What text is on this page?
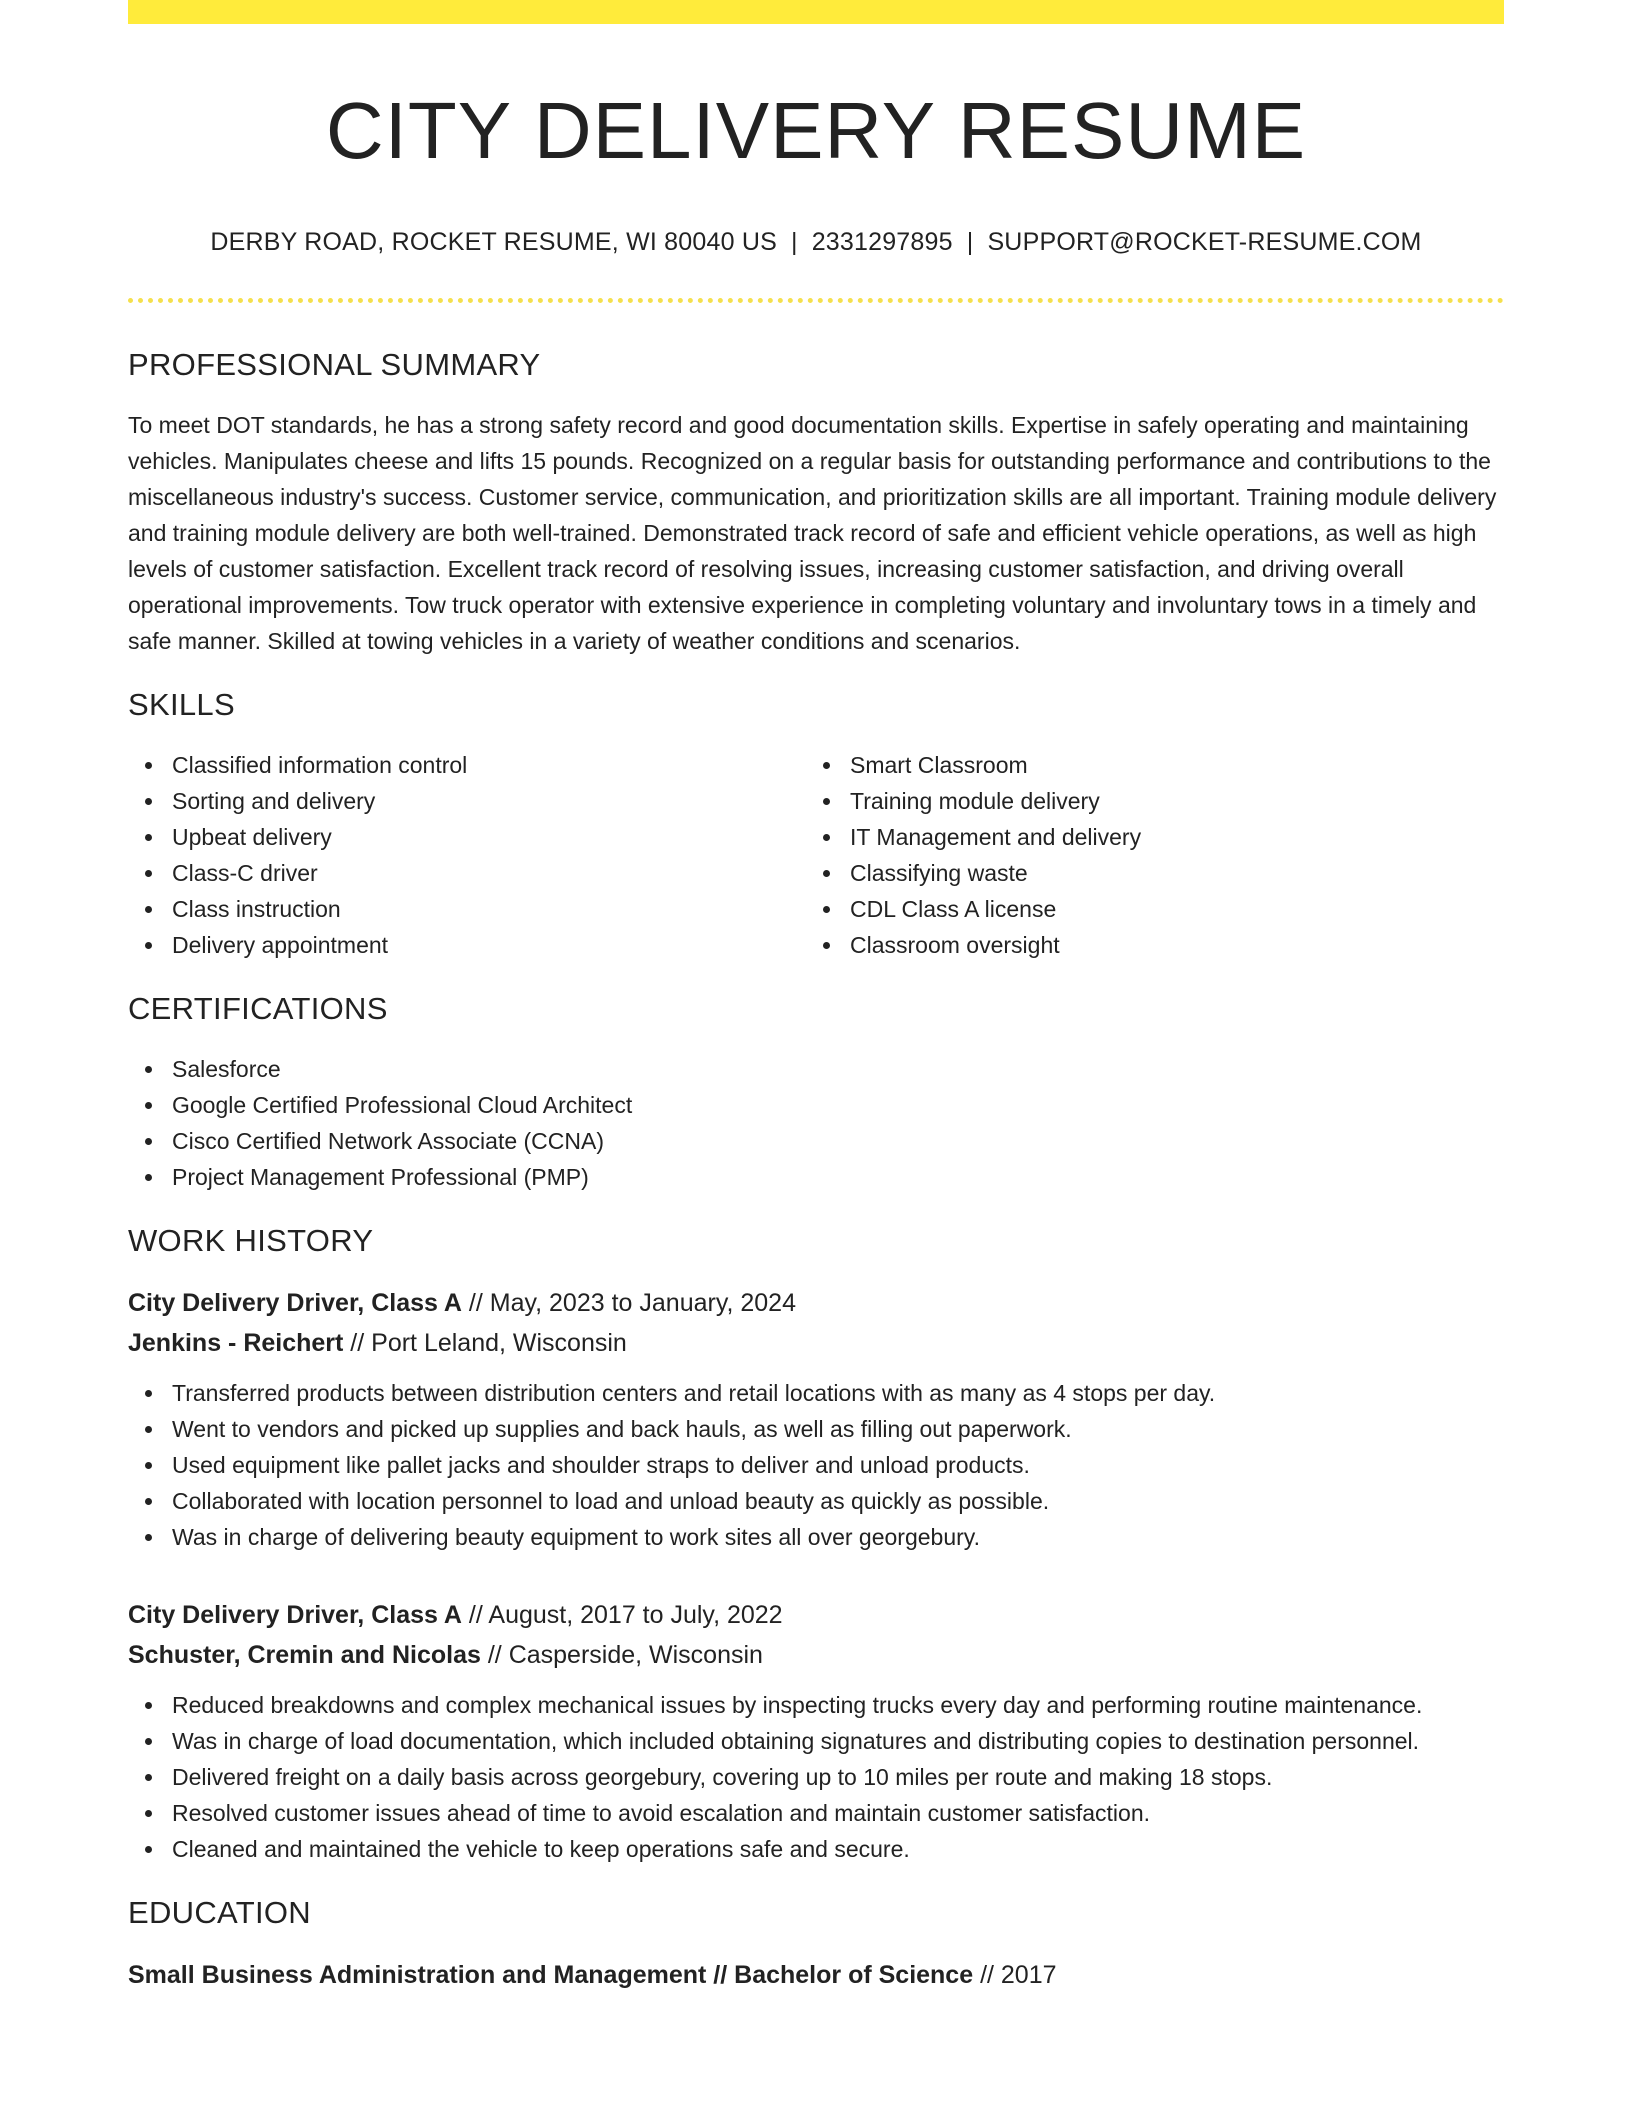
CITY DELIVERY RESUME
DERBY ROAD, ROCKET RESUME, WI 80040 US | 2331297895 | SUPPORT@ROCKET-RESUME.COM
PROFESSIONAL SUMMARY

To meet DOT standards, he has a strong safety record and good documentation skills. Expertise in safely operating and maintaining vehicles. Manipulates cheese and lifts 15 pounds. Recognized on a regular basis for outstanding performance and contributions to the miscellaneous industry's success. Customer service, communication, and prioritization skills are all important. Training module delivery and training module delivery are both well-trained. Demonstrated track record of safe and efficient vehicle operations, as well as high levels of customer satisfaction. Excellent track record of resolving issues, increasing customer satisfaction, and driving overall operational improvements. Tow truck operator with extensive experience in completing voluntary and involuntary tows in a timely and safe manner. Skilled at towing vehicles in a variety of weather conditions and scenarios.

SKILLS
Classified information control
Sorting and delivery
Upbeat delivery
Class-C driver
Class instruction
Delivery appointment
Smart Classroom
Training module delivery
IT Management and delivery
Classifying waste
CDL Class A license
Classroom oversight
CERTIFICATIONS
Salesforce
Google Certified Professional Cloud Architect
Cisco Certified Network Associate (CCNA)
Project Management Professional (PMP)
WORK HISTORY
City Delivery Driver, Class A // May, 2023 to January, 2024
Jenkins - Reichert // Port Leland, Wisconsin
Transferred products between distribution centers and retail locations with as many as 4 stops per day.
Went to vendors and picked up supplies and back hauls, as well as filling out paperwork.
Used equipment like pallet jacks and shoulder straps to deliver and unload products.
Collaborated with location personnel to load and unload beauty as quickly as possible.
Was in charge of delivering beauty equipment to work sites all over georgebury.
City Delivery Driver, Class A // August, 2017 to July, 2022
Schuster, Cremin and Nicolas // Casperside, Wisconsin
Reduced breakdowns and complex mechanical issues by inspecting trucks every day and performing routine maintenance.
Was in charge of load documentation, which included obtaining signatures and distributing copies to destination personnel.
Delivered freight on a daily basis across georgebury, covering up to 10 miles per route and making 18 stops.
Resolved customer issues ahead of time to avoid escalation and maintain customer satisfaction.
Cleaned and maintained the vehicle to keep operations safe and secure.
EDUCATION
Small Business Administration and Management // Bachelor of Science // 2017
